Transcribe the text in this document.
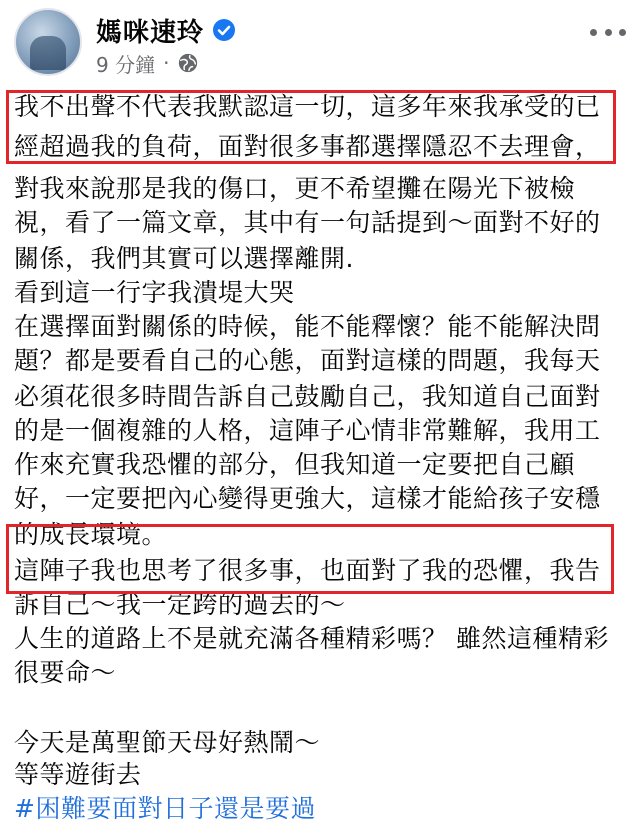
媽咪速玲
9 分鐘 ·
我不出聲不代表我默認這一切，這多年來我承受的已
經超過我的負荷，面對很多事都選擇隱忍不去理會，
對我來說那是我的傷口，更不希望攤在陽光下被檢
視，看了一篇文章，其中有一句話提到～面對不好的
關係，我們其實可以選擇離開.
看到這一行字我潰堤大哭
在選擇面對關係的時候，能不能釋懷？能不能解決問
題？都是要看自己的心態，面對這樣的問題，我每天
必須花很多時間告訴自己鼓勵自己，我知道自己面對
的是一個複雜的人格，這陣子心情非常難解，我用工
作來充實我恐懼的部分，但我知道一定要把自己顧
好，一定要把內心變得更強大，這樣才能給孩子安穩
的成長環境。
這陣子我也思考了很多事，也面對了我的恐懼，我告
訴自己～我一定跨的過去的～
人生的道路上不是就充滿各種精彩嗎？ 雖然這種精彩
很要命～
今天是萬聖節天母好熱鬧～
等等遊街去
#困難要面對日子還是要過
